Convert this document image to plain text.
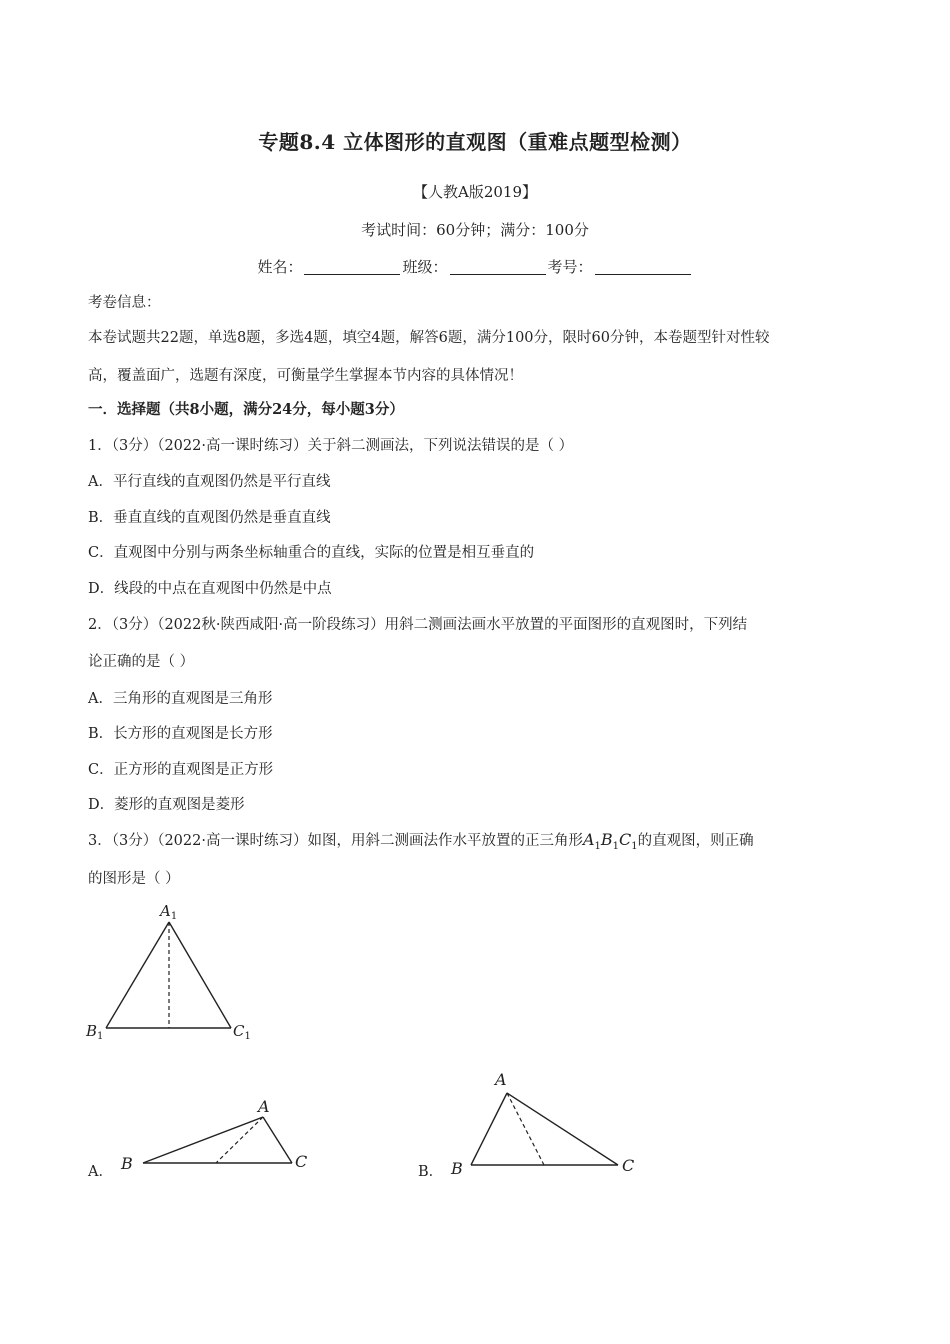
专题8.4 立体图形的直观图（重难点题型检测）
【人教A版2019】
考试时间：60分钟；满分：100分
姓名：	班级：	考号：
考卷信息：
本卷试题共22题，单选8题，多选4题，填空4题，解答6题，满分100分，限时60分钟，本卷题型针对性较
高，覆盖面广，选题有深度，可衡量学生掌握本节内容的具体情况！
一．选择题（共8小题，满分24分，每小题3分）
1．（3分）（2022·高一课时练习）关于斜二测画法，下列说法错误的是（ ）
A．平行直线的直观图仍然是平行直线
B．垂直直线的直观图仍然是垂直直线
C．直观图中分别与两条坐标轴重合的直线，实际的位置是相互垂直的
D．线段的中点在直观图中仍然是中点
2．（3分）（2022秋·陕西咸阳·高一阶段练习）用斜二测画法画水平放置的平面图形的直观图时，下列结
论正确的是（ ）
A．三角形的直观图是三角形
B．长方形的直观图是长方形
C．正方形的直观图是正方形
D．菱形的直观图是菱形
3．（3分）（2022·高一课时练习）如图，用斜二测画法作水平放置的正三角形$A_1B_1C_1$的直观图，则正确
的图形是（ ）
$A_1$
$B_1$	$C_1$
A．
A
B	C
B．
A
B	C
